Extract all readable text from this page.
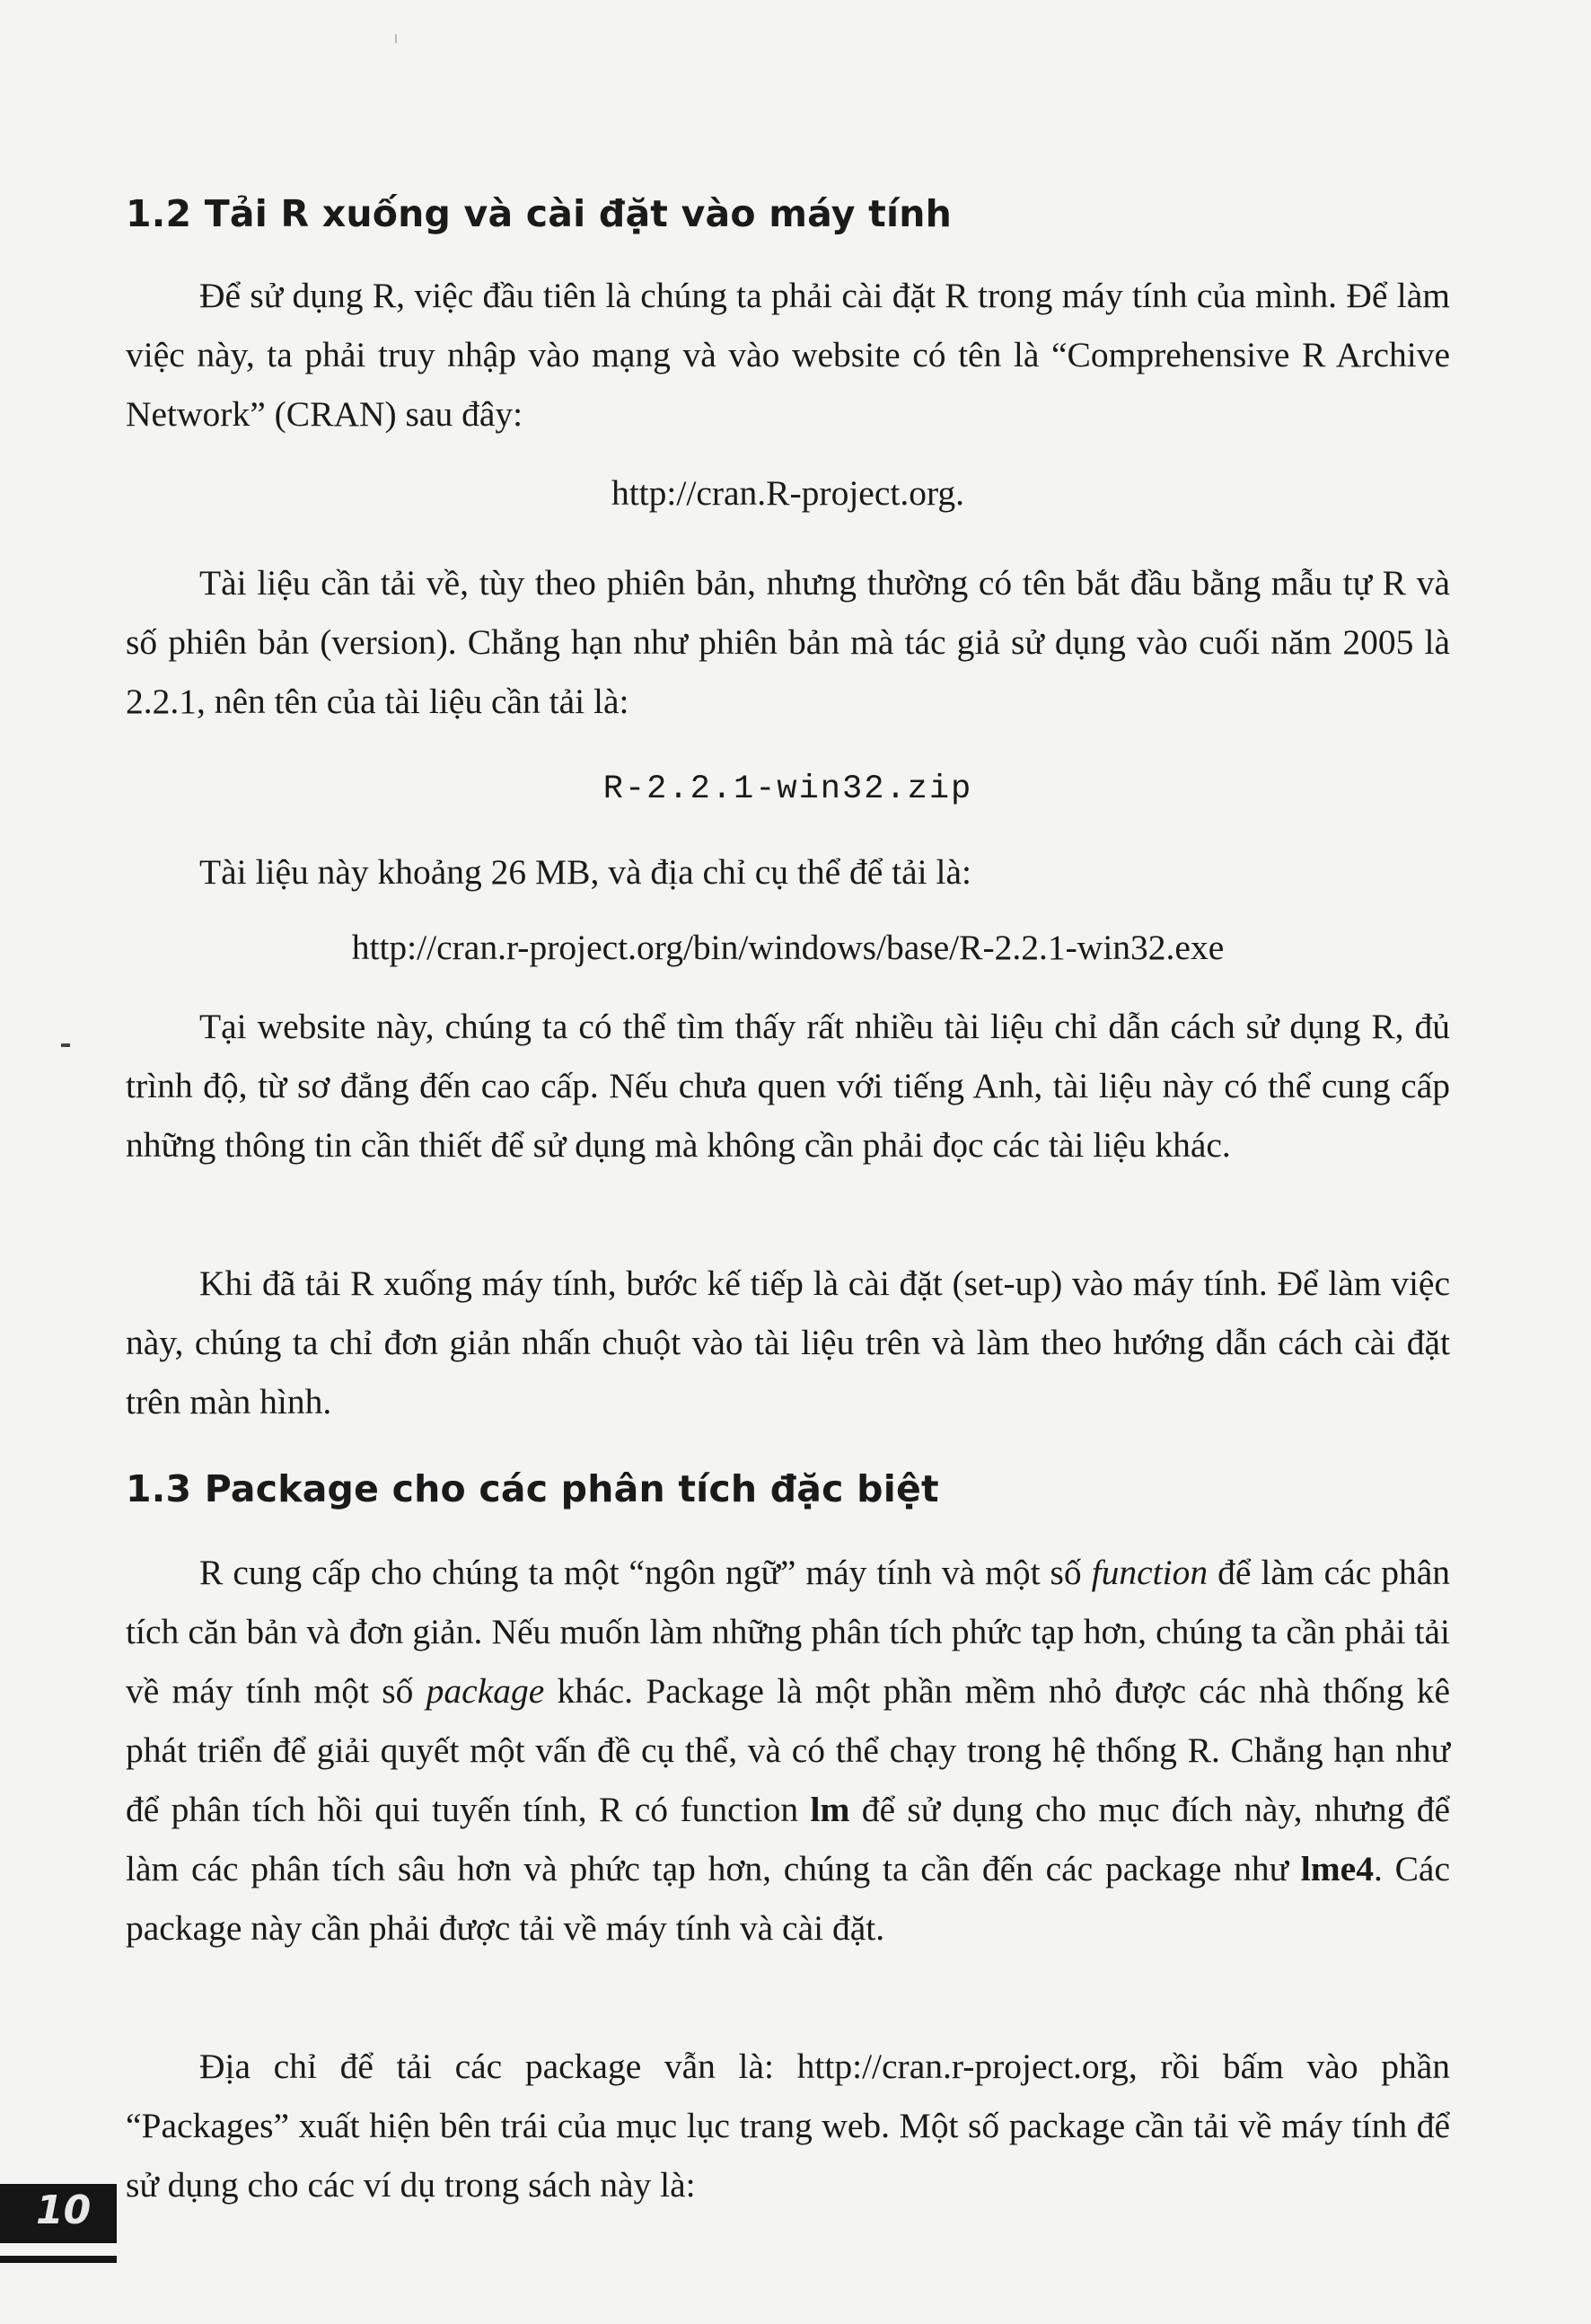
1.2 Tải R xuống và cài đặt vào máy tính

Để sử dụng R, việc đầu tiên là chúng ta phải cài đặt R trong máy tính của mình. Để làm việc này, ta phải truy nhập vào mạng và vào website có tên là “Comprehensive R Archive Network” (CRAN) sau đây:

http://cran.R-project.org.

Tài liệu cần tải về, tùy theo phiên bản, nhưng thường có tên bắt đầu bằng mẫu tự R và số phiên bản (version). Chẳng hạn như phiên bản mà tác giả sử dụng vào cuối năm 2005 là 2.2.1, nên tên của tài liệu cần tải là:

R-2.2.1-win32.zip

Tài liệu này khoảng 26 MB, và địa chỉ cụ thể để tải là:

http://cran.r-project.org/bin/windows/base/R-2.2.1-win32.exe

Tại website này, chúng ta có thể tìm thấy rất nhiều tài liệu chỉ dẫn cách sử dụng R, đủ trình độ, từ sơ đẳng đến cao cấp. Nếu chưa quen với tiếng Anh, tài liệu này có thể cung cấp những thông tin cần thiết để sử dụng mà không cần phải đọc các tài liệu khác.

Khi đã tải R xuống máy tính, bước kế tiếp là cài đặt (set-up) vào máy tính. Để làm việc này, chúng ta chỉ đơn giản nhấn chuột vào tài liệu trên và làm theo hướng dẫn cách cài đặt trên màn hình.

1.3 Package cho các phân tích đặc biệt

R cung cấp cho chúng ta một “ngôn ngữ” máy tính và một số function để làm các phân tích căn bản và đơn giản. Nếu muốn làm những phân tích phức tạp hơn, chúng ta cần phải tải về máy tính một số package khác. Package là một phần mềm nhỏ được các nhà thống kê phát triển để giải quyết một vấn đề cụ thể, và có thể chạy trong hệ thống R. Chẳng hạn như để phân tích hồi qui tuyến tính, R có function lm để sử dụng cho mục đích này, nhưng để làm các phân tích sâu hơn và phức tạp hơn, chúng ta cần đến các package như lme4. Các package này cần phải được tải về máy tính và cài đặt.

Địa chỉ để tải các package vẫn là: http://cran.r-project.org, rồi bấm vào phần “Packages” xuất hiện bên trái của mục lục trang web. Một số package cần tải về máy tính để sử dụng cho các ví dụ trong sách này là:

10
